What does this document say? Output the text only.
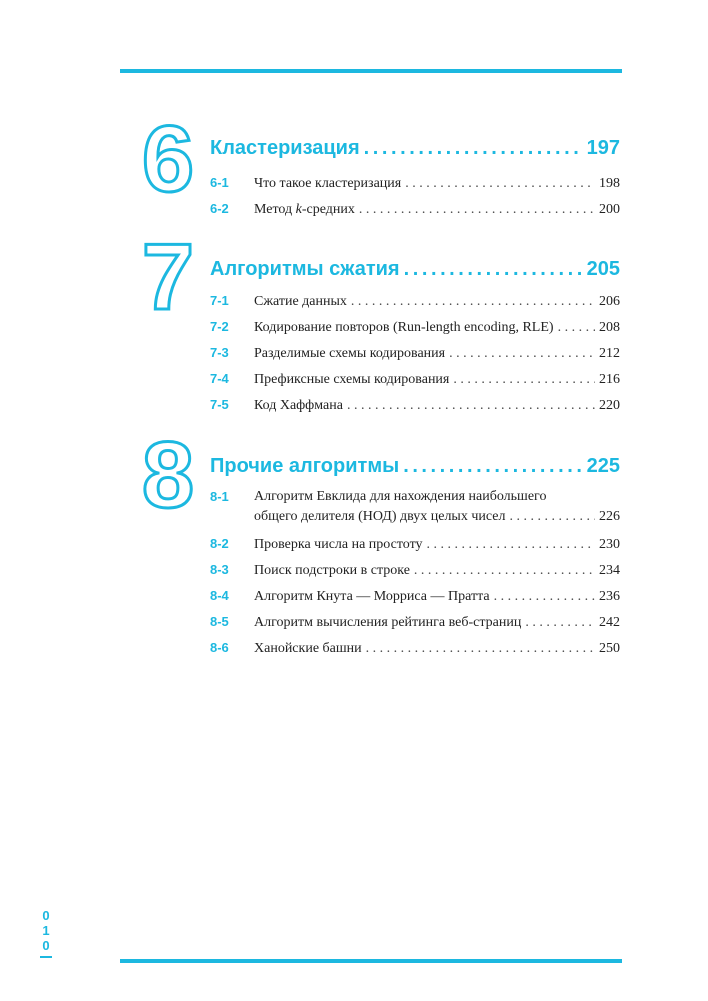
6 Кластеризация . . .	197
6-1	Что такое кластеризация . . .	198
6-2	Метод k-средних . . .	200
7 Алгоритмы сжатия . . .	205
7-1	Сжатие данных . . .	206
7-2	Кодирование повторов (Run-length encoding, RLE) . . .	208
7-3	Разделимые схемы кодирования . . .	212
7-4	Префиксные схемы кодирования . . .	216
7-5	Код Хаффмана . . .	220
8 Прочие алгоритмы . . .	225
8-1	Алгоритм Евклида для нахождения наибольшего
общего делителя (НОД) двух целых чисел . . .	226
8-2	Проверка числа на простоту . . .	230
8-3	Поиск подстроки в строке . . .	234
8-4	Алгоритм Кнута — Морриса — Пратта . . .	236
8-5	Алгоритм вычисления рейтинга веб-страниц . . .	242
8-6	Ханойские башни . . .	250
0
1
0
